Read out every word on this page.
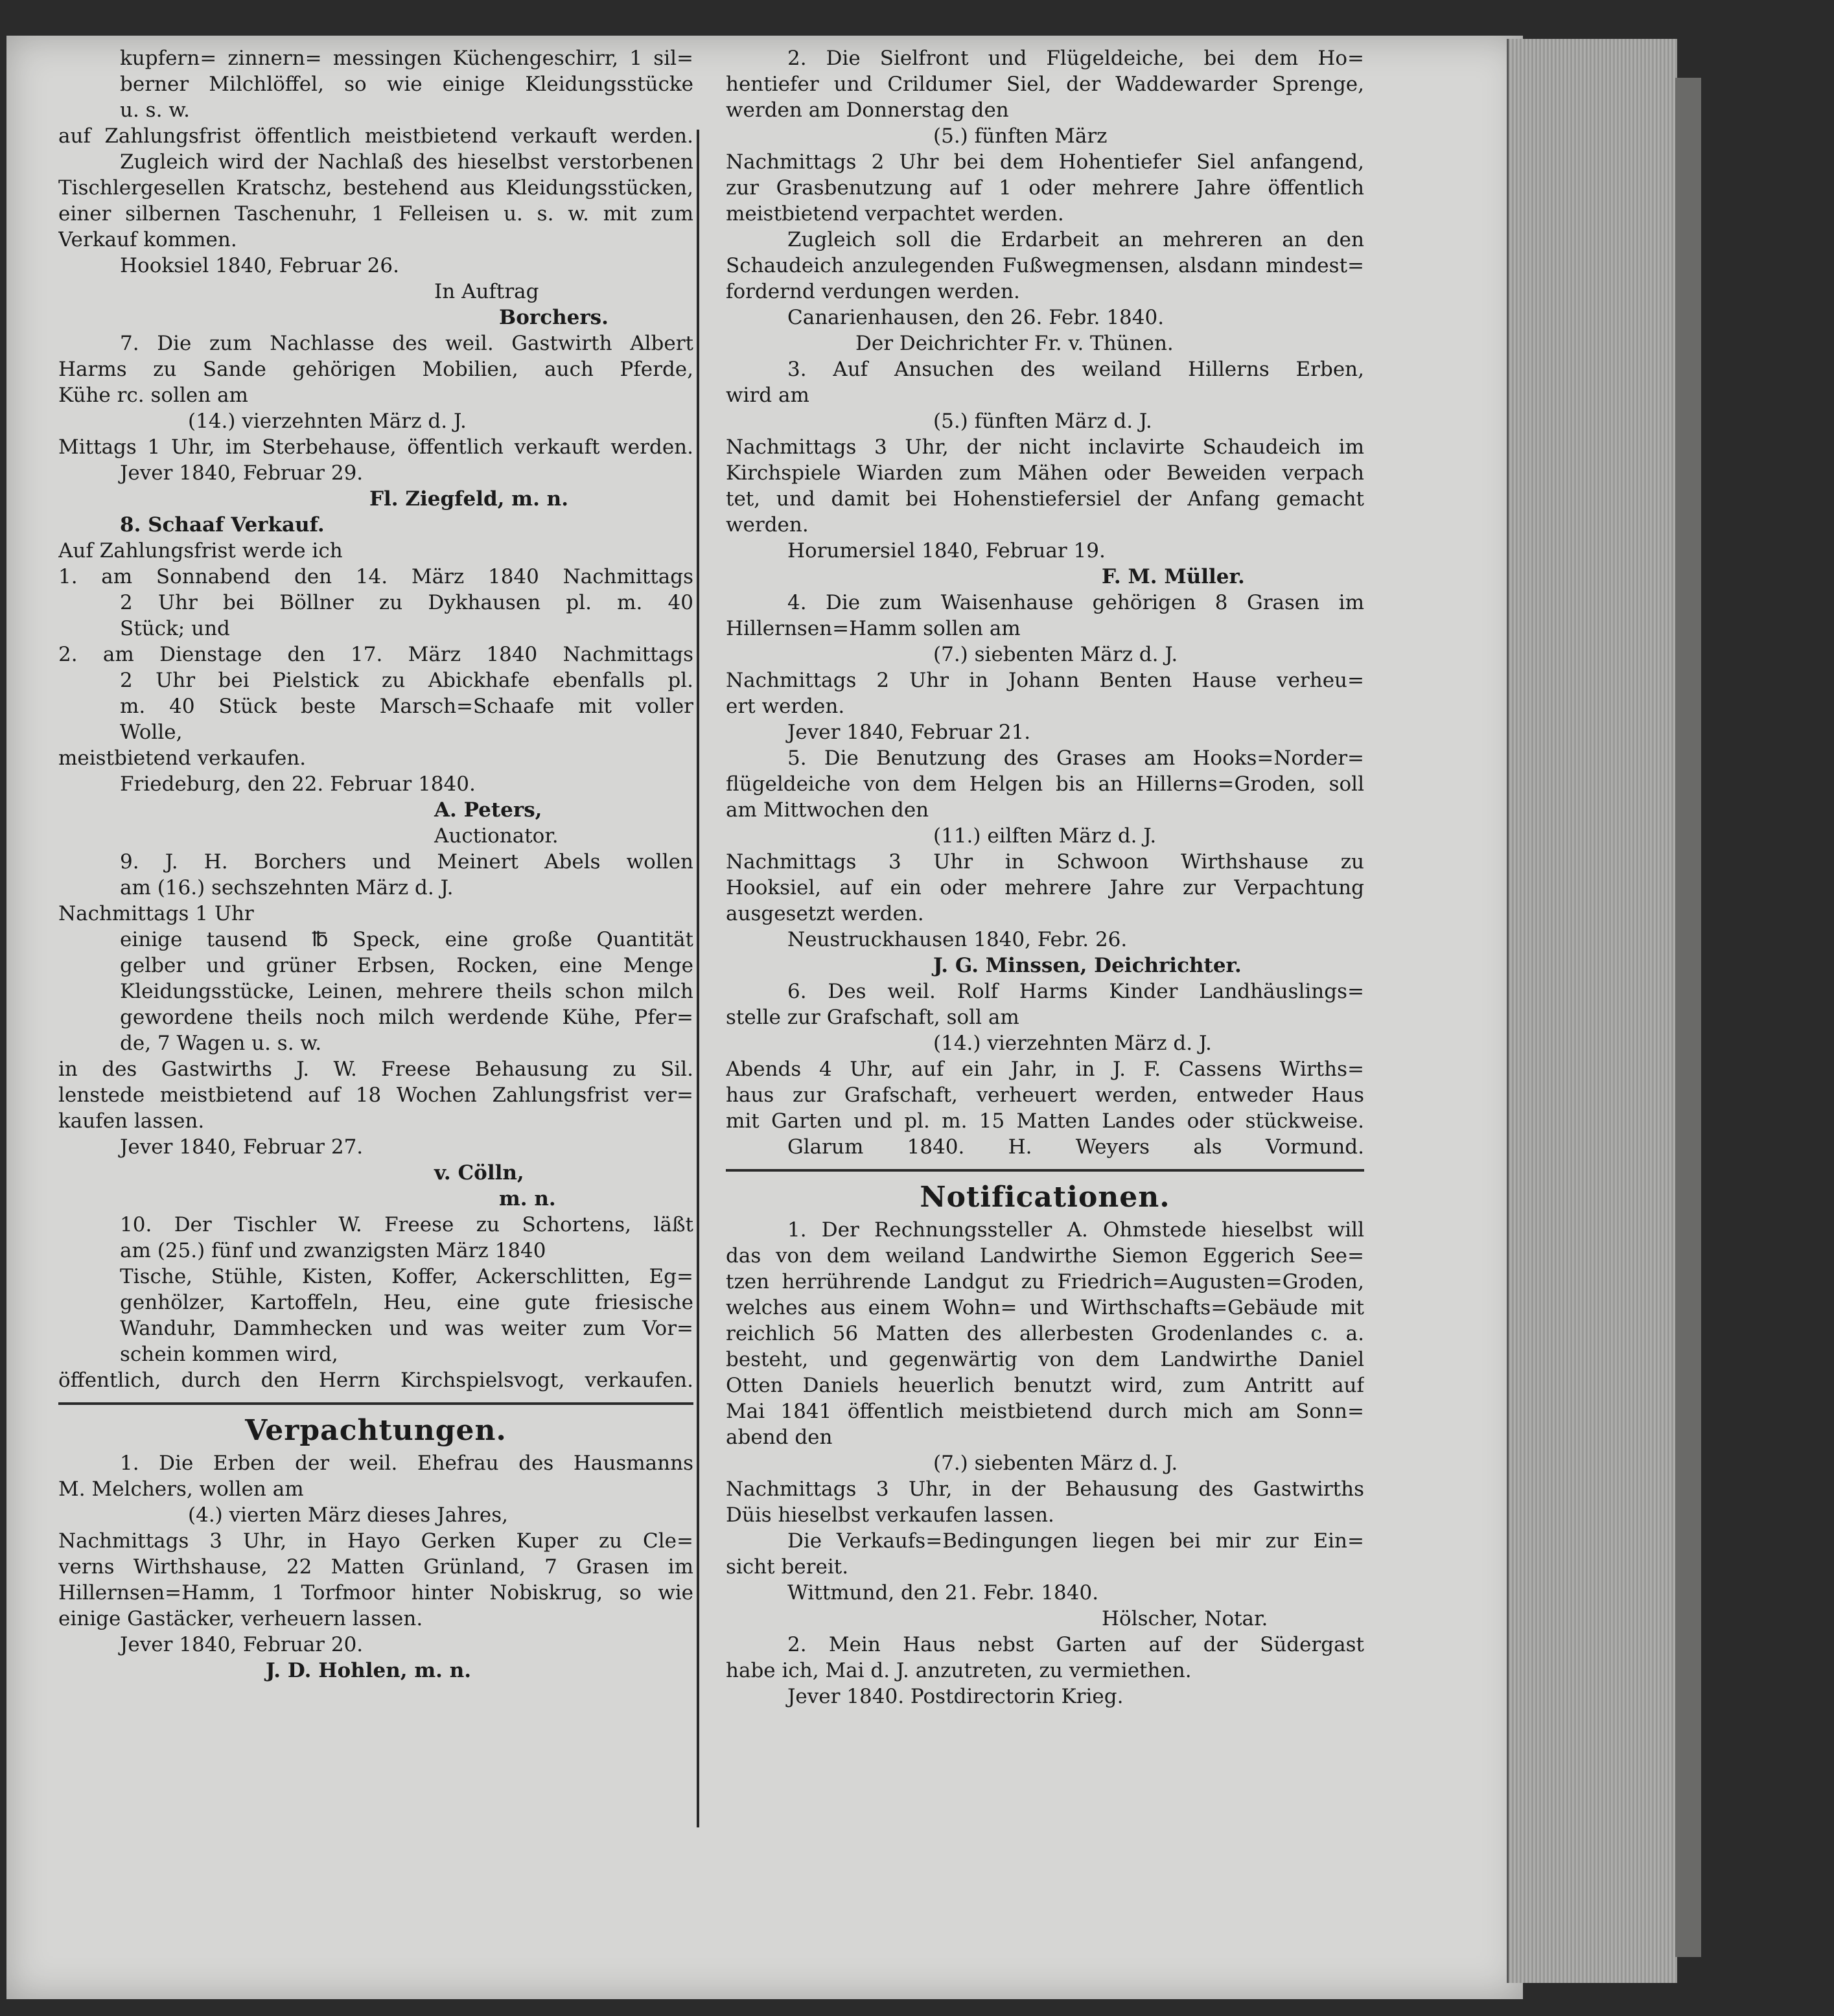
kupfern= zinnern= messingen Küchengeschirr, 1 sil=
berner Milchlöffel, so wie einige Kleidungsstücke
u. s. w.
auf Zahlungsfrist öffentlich meistbietend verkauft werden.
Zugleich wird der Nachlaß des hieselbst verstorbenen
Tischlergesellen Kratschz, bestehend aus Kleidungsstücken,
einer silbernen Taschenuhr, 1 Felleisen u. s. w. mit zum
Verkauf kommen.
Hooksiel 1840, Februar 26.
In Auftrag
Borchers.
7. Die zum Nachlasse des weil. Gastwirth Albert
Harms zu Sande gehörigen Mobilien, auch Pferde,
Kühe rc. sollen am
(14.) vierzehnten März d. J.
Mittags 1 Uhr, im Sterbehause, öffentlich verkauft werden.
Jever 1840, Februar 29.
Fl. Ziegfeld, m. n.
8. Schaaf Verkauf.
Auf Zahlungsfrist werde ich
1. am Sonnabend den 14. März 1840 Nachmittags
2 Uhr bei Böllner zu Dykhausen pl. m. 40
Stück; und
2. am Dienstage den 17. März 1840 Nachmittags
2 Uhr bei Pielstick zu Abickhafe ebenfalls pl.
m. 40 Stück beste Marsch=Schaafe mit voller
Wolle,
meistbietend verkaufen.
Friedeburg, den 22. Februar 1840.
A. Peters,
Auctionator.
9. J. H. Borchers und Meinert Abels wollen
am (16.) sechszehnten März d. J.
Nachmittags 1 Uhr
einige tausend ℔ Speck, eine große Quantität
gelber und grüner Erbsen, Rocken, eine Menge
Kleidungsstücke, Leinen, mehrere theils schon milch
gewordene theils noch milch werdende Kühe, Pfer=
de, 7 Wagen u. s. w.
in des Gastwirths J. W. Freese Behausung zu Sil.
lenstede meistbietend auf 18 Wochen Zahlungsfrist ver=
kaufen lassen.
Jever 1840, Februar 27.
v. Cölln,
m. n.
10. Der Tischler W. Freese zu Schortens, läßt
am (25.) fünf und zwanzigsten März 1840
Tische, Stühle, Kisten, Koffer, Ackerschlitten, Eg=
genhölzer, Kartoffeln, Heu, eine gute friesische
Wanduhr, Dammhecken und was weiter zum Vor=
schein kommen wird,
öffentlich, durch den Herrn Kirchspielsvogt, verkaufen.
Verpachtungen.
1. Die Erben der weil. Ehefrau des Hausmanns
M. Melchers, wollen am
(4.) vierten März dieses Jahres,
Nachmittags 3 Uhr, in Hayo Gerken Kuper zu Cle=
verns Wirthshause, 22 Matten Grünland, 7 Grasen im
Hillernsen=Hamm, 1 Torfmoor hinter Nobiskrug, so wie
einige Gastäcker, verheuern lassen.
Jever 1840, Februar 20.
J. D. Hohlen, m. n.
2. Die Sielfront und Flügeldeiche, bei dem Ho=
hentiefer und Crildumer Siel, der Waddewarder Sprenge,
werden am Donnerstag den
(5.) fünften März
Nachmittags 2 Uhr bei dem Hohentiefer Siel anfangend,
zur Grasbenutzung auf 1 oder mehrere Jahre öffentlich
meistbietend verpachtet werden.
Zugleich soll die Erdarbeit an mehreren an den
Schaudeich anzulegenden Fußwegmensen, alsdann mindest=
fordernd verdungen werden.
Canarienhausen, den 26. Febr. 1840.
Der Deichrichter Fr. v. Thünen.
3. Auf Ansuchen des weiland Hillerns Erben,
wird am
(5.) fünften März d. J.
Nachmittags 3 Uhr, der nicht inclavirte Schaudeich im
Kirchspiele Wiarden zum Mähen oder Beweiden verpach
tet, und damit bei Hohenstiefersiel der Anfang gemacht
werden.
Horumersiel 1840, Februar 19.
F. M. Müller.
4. Die zum Waisenhause gehörigen 8 Grasen im
Hillernsen=Hamm sollen am
(7.) siebenten März d. J.
Nachmittags 2 Uhr in Johann Benten Hause verheu=
ert werden.
Jever 1840, Februar 21.
5. Die Benutzung des Grases am Hooks=Norder=
flügeldeiche von dem Helgen bis an Hillerns=Groden, soll
am Mittwochen den
(11.) eilften März d. J.
Nachmittags 3 Uhr in Schwoon Wirthshause zu
Hooksiel, auf ein oder mehrere Jahre zur Verpachtung
ausgesetzt werden.
Neustruckhausen 1840, Febr. 26.
J. G. Minssen, Deichrichter.
6. Des weil. Rolf Harms Kinder Landhäuslings=
stelle zur Grafschaft, soll am
(14.) vierzehnten März d. J.
Abends 4 Uhr, auf ein Jahr, in J. F. Cassens Wirths=
haus zur Grafschaft, verheuert werden, entweder Haus
mit Garten und pl. m. 15 Matten Landes oder stückweise.
Glarum 1840. H. Weyers als Vormund.
Notificationen.
1. Der Rechnungssteller A. Ohmstede hieselbst will
das von dem weiland Landwirthe Siemon Eggerich See=
tzen herrührende Landgut zu Friedrich=Augusten=Groden,
welches aus einem Wohn= und Wirthschafts=Gebäude mit
reichlich 56 Matten des allerbesten Grodenlandes c. a.
besteht, und gegenwärtig von dem Landwirthe Daniel
Otten Daniels heuerlich benutzt wird, zum Antritt auf
Mai 1841 öffentlich meistbietend durch mich am Sonn=
abend den
(7.) siebenten März d. J.
Nachmittags 3 Uhr, in der Behausung des Gastwirths
Düis hieselbst verkaufen lassen.
Die Verkaufs=Bedingungen liegen bei mir zur Ein=
sicht bereit.
Wittmund, den 21. Febr. 1840.
Hölscher, Notar.
2. Mein Haus nebst Garten auf der Südergast
habe ich, Mai d. J. anzutreten, zu vermiethen.
Jever 1840. Postdirectorin Krieg.
